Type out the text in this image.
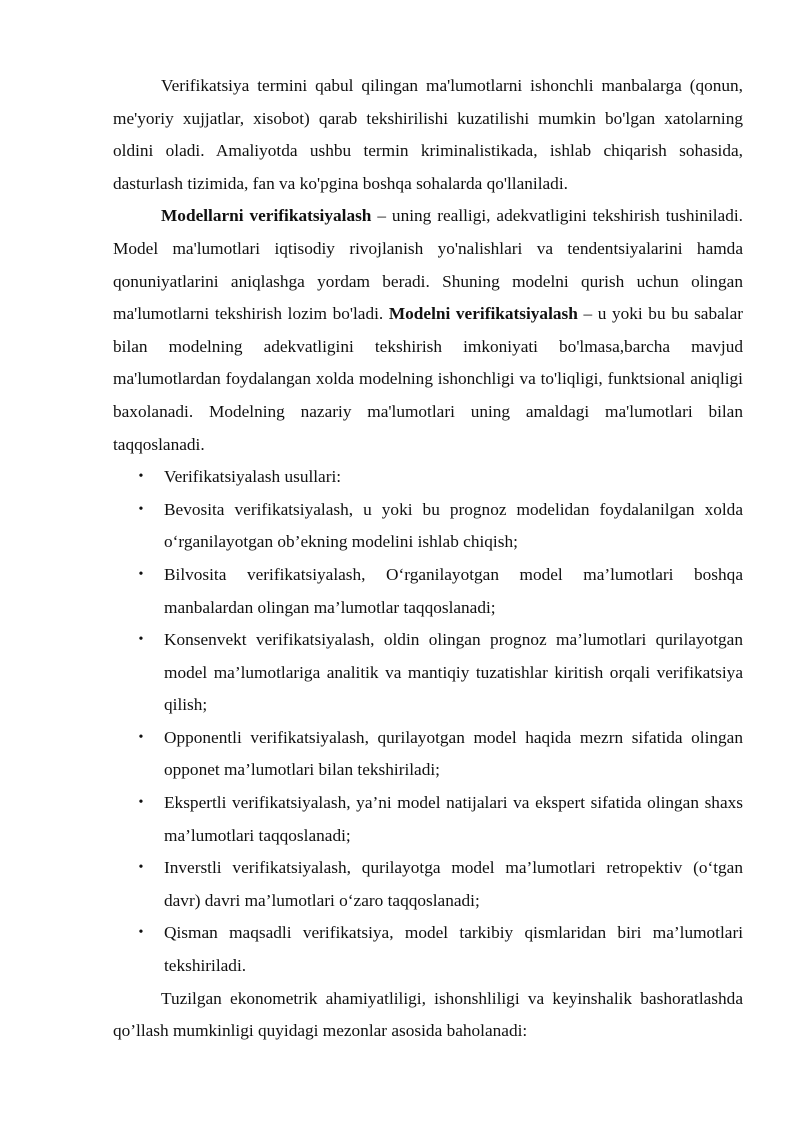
Verifikatsiya termini qabul qilingan ma'lumotlarni ishonchli manbalarga (qonun, me'yoriy xujjatlar, xisobot) qarab tekshirilishi kuzatilishi mumkin bo'lgan xatolarning oldini oladi. Amaliyotda ushbu termin kriminalistikada, ishlab chiqarish sohasida, dasturlash tizimida, fan va ko'pgina boshqa sohalarda qo'llaniladi.

Modellarni verifikatsiyalash – uning realligi, adekvatligini tekshirish tushiniladi. Model ma'lumotlari iqtisodiy rivojlanish yo'nalishlari va tendentsiyalarini hamda qonuniyatlarini aniqlashga yordam beradi. Shuning modelni qurish uchun olingan ma'lumotlarni tekshirish lozim bo'ladi. Modelni verifikatsiyalash – u yoki bu bu sabalar bilan modelning adekvatligini tekshirish imkoniyati bo'lmasa,barcha mavjud ma'lumotlardan foydalangan xolda modelning ishonchligi va to'liqligi, funktsional aniqligi baxolanadi. Modelning nazariy ma'lumotlari uning amaldagi ma'lumotlari bilan taqqoslanadi.

• Verifikatsiyalash usullari:
• Bevosita verifikatsiyalash, u yoki bu prognoz modelidan foydalanilgan xolda o‘rganilayotgan ob’ekning modelini ishlab chiqish;
• Bilvosita verifikatsiyalash, O‘rganilayotgan model ma’lumotlari boshqa manbalardan olingan ma’lumotlar taqqoslanadi;
• Konsenvekt verifikatsiyalash, oldin olingan prognoz ma’lumotlari qurilayotgan model ma’lumotlariga analitik va mantiqiy tuzatishlar kiritish orqali verifikatsiya qilish;
• Opponentli verifikatsiyalash, qurilayotgan model haqida mezrn sifatida olingan opponet ma’lumotlari bilan tekshiriladi;
• Ekspertli verifikatsiyalash, ya’ni model natijalari va ekspert sifatida olingan shaxs ma’lumotlari taqqoslanadi;
• Inverstli verifikatsiyalash, qurilayotga model ma’lumotlari retropektiv (o‘tgan davr) davri ma’lumotlari o‘zaro taqqoslanadi;
• Qisman maqsadli verifikatsiya, model tarkibiy qismlaridan biri ma’lumotlari tekshiriladi.

Tuzilgan ekonometrik ahamiyatliligi, ishonshliligi va keyinshalik bashoratlashda qo’llash mumkinligi quyidagi mezonlar asosida baholanadi:
